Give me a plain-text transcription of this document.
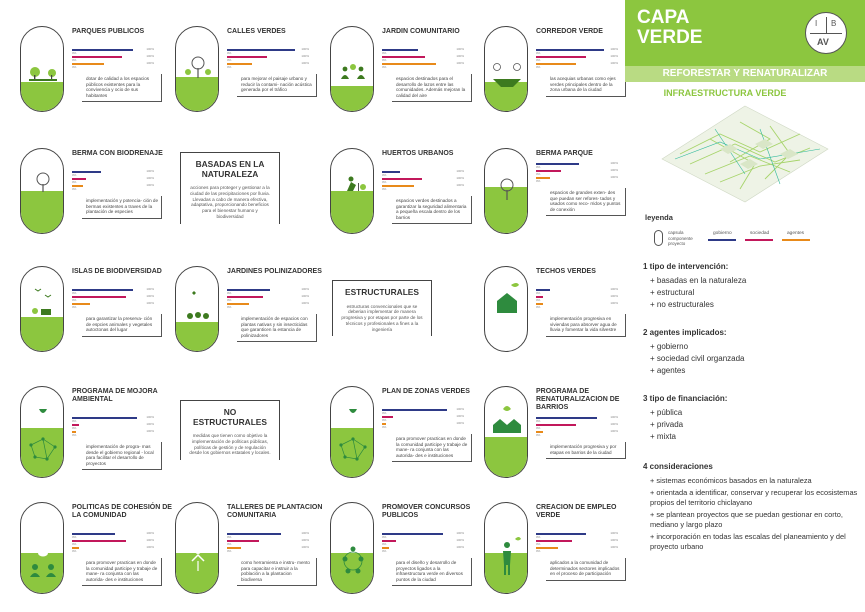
PARQUES PUBLICOS
0%
100%
0%
100%
0%
100%
dotar de calidad a los espacios públicos existentes para la convivencia y ocio de sus habitantes
CALLES VERDES
0%
100%
0%
100%
0%
100%
para mejorar el paisaje urbano y reducir la contami- nación acústica generada por el tráfico
JARDIN COMUNITARIO
0%
100%
0%
100%
0%
100%
espacios destinados para el desarrollo de lazos entre las comunidades. Además mejoran la calidad del aire
CORREDOR VERDE
0%
100%
0%
100%
0%
100%
las acequias urbanas como ejes verdes principales dentro de la zona urbana de la ciudad
BERMA CON BIODRENAJE
0%
100%
0%
100%
0%
100%
implementación y potencia- ción de bermas existentes a traves de la plantación de especies
HUERTOS URBANOS
0%
100%
0%
100%
0%
100%
espacios verdes destinados a garantizar la seguridad alimentaria a pequeña escala dentro de los barrios
BERMA PARQUE
0%
100%
0%
100%
0%
100%
espacios de grandes exten- des que puedan ser refores- tados y usados como reco- rridos y puntos de conexión
ISLAS DE BIODIVERSIDAD
0%
100%
0%
100%
0%
100%
para garantizar la preserva- ción de espcies animales y vegetales autoctonas del lugar
JARDINES POLINIZADORES
0%
100%
0%
100%
0%
100%
implementación de espacios con plantas nativas y sin insecticidas que garanticen la estancia de polinizadores
TECHOS VERDES
0%
100%
0%
100%
0%
100%
implementación progresiva en viviendas para absorver agua de lluvia y fomentar la vida silvestre
PROGRAMA DE MOJORA AMBIENTAL
0%
100%
0%
100%
0%
100%
implementación de progra- mas desde el gobierno regional - local para facilitar el desarrollo de proyectos
PLAN DE ZONAS VERDES
0%
100%
0%
100%
0%
100%
para promover practicas en donde la comunidad participe y trabaje de mane- ra conjunta con las autorida- des e instituciones
PROGRAMA DE RENATURALIZACION DE BARRIOS
0%
100%
0%
100%
0%
100%
implementación progresiva y por etapas en barrios de la ciudad
POLITICAS DE COHESIÓN DE LA COMUNIDAD
0%
100%
0%
100%
0%
100%
para promover practicas en donde la comunidad participe y trabaje de mane- ra conjunta con las autorida- des e instituciones
TALLERES DE PLANTACION COMUNITARIA
0%
100%
0%
100%
0%
100%
como herramienta e instru- mento para capacitar e instruir a la población a la plantacion biodiversa
PROMOVER CONCURSOS PUBLICOS
0%
100%
0%
100%
0%
100%
para el diseño y desarrollo de proyectos ligados a la infraestructura verde en diversos puntos de la ciudad
CREACION DE EMPLEO VERDE
0%
100%
0%
100%
0%
100%
aplicados a la comunidad de determinados sectores implicados en el proceso de participación
BASADAS EN LA NATURALEZA
acciones para proteger y gestionar a la ciudad de las precipitaciones por lluvia. Llevadas a cabo de manera efectiva, adaptativa, proporcionando beneficios para el bienestar humano y biodiversidad
ESTRUCTURALES
estructuras convencionales que se deberian implementar de manera progresiva y por etapas por parte de los técnicos y profesionales a fines a la ingeniería
NO ESTRUCTURALES
medidas que tienen como objetivo la implementación de políticas públicas, políticas de gestión y de regulación desde los gobiernos estatales y locales.
CAPA
VERDE
I B
AV
REFORESTAR Y RENATURALIZAR
INFRAESTRUCTURA VERDE
leyenda
capsula componente proyecto
gobierno	sociedad	agentes
1 tipo de intervención:
+ basadas en la naturaleza
+ estructural
+ no estructurales
2 agentes implicados:
+ gobierno
+ sociedad civil organzada
+ agentes
3 tipo de financiación:
+ pública
+ privada
+ mixta
4 consideraciones
+ sistemas económicos basados en la naturaleza
+ orientada a identificar, conservar y recuperar los ecosistemas propios del territorio chiclayano
+ se plantean proyectos que se puedan gestionar en corto, mediano y largo plazo
+ incorporación en todas las escalas del planeamiento y del proyecto urbano
